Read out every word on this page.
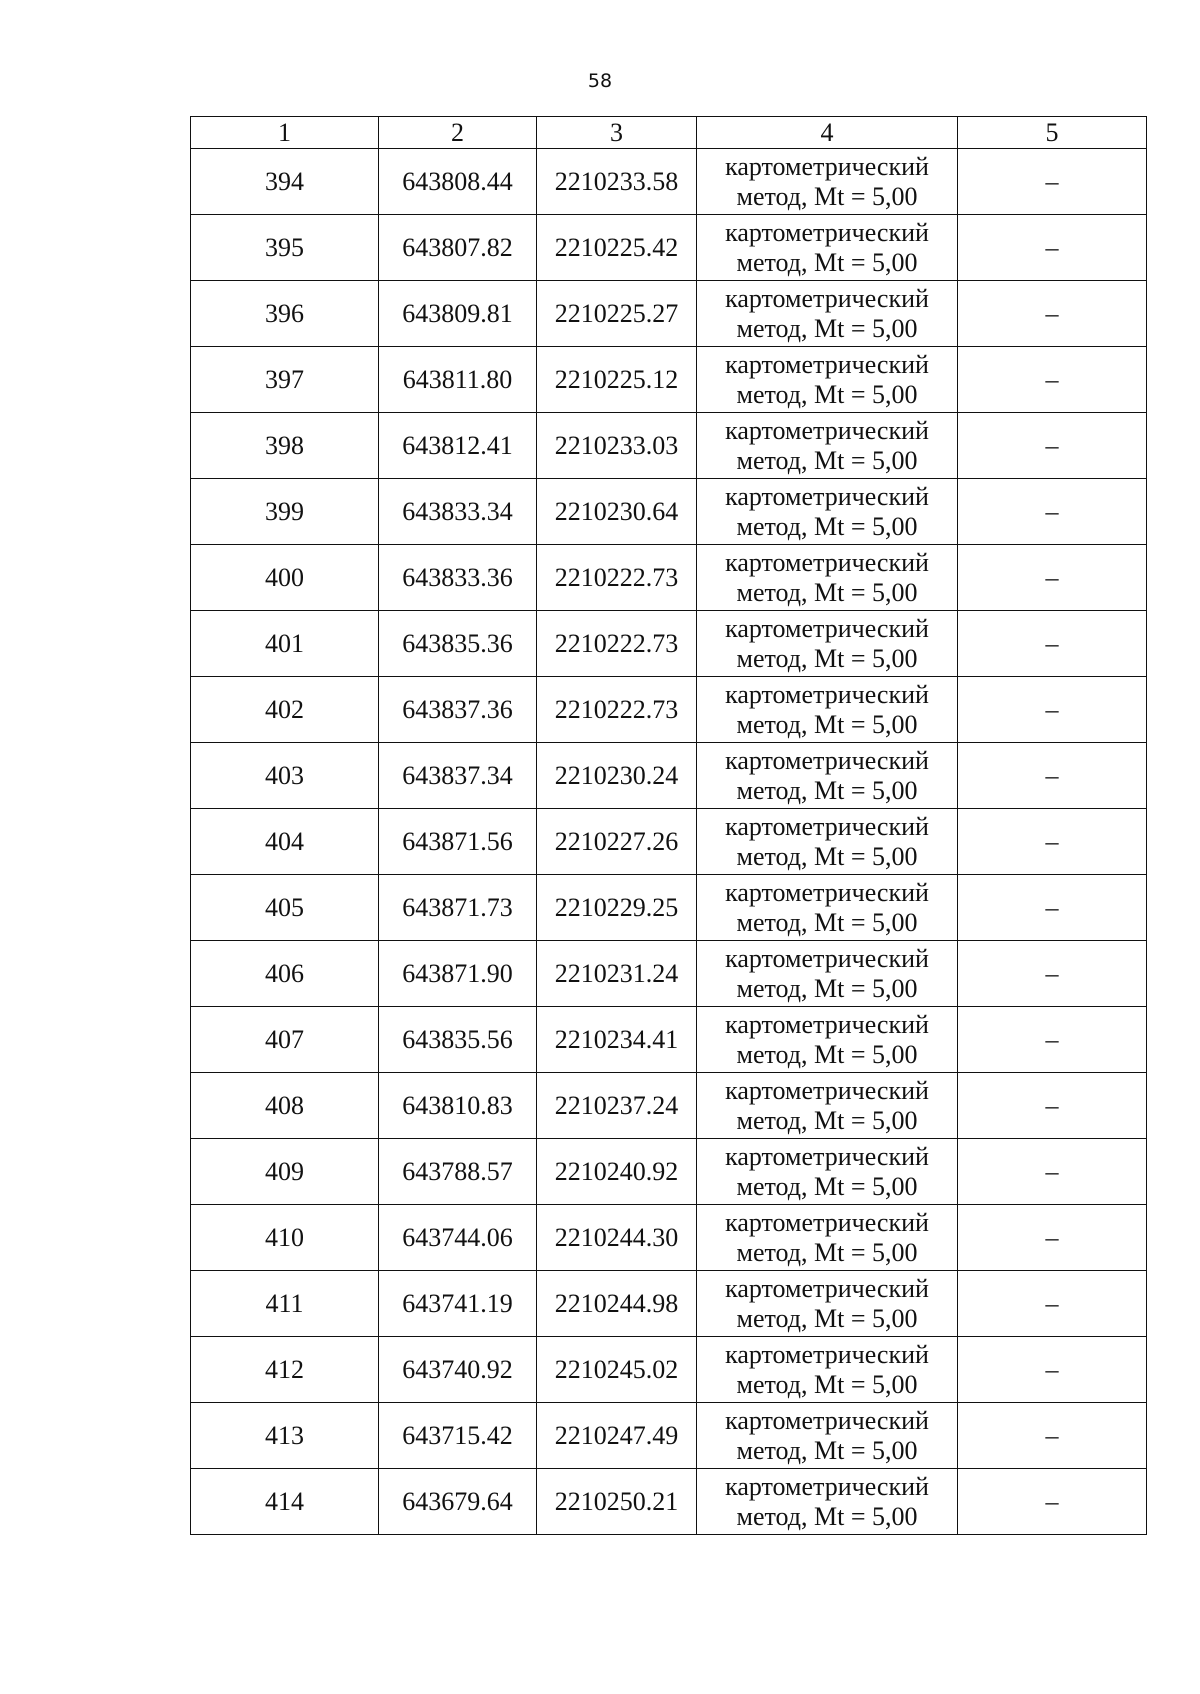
58
1	2	3	4	5
394	643808.44	2210233.58	картометрический
метод, Mt = 5,00	–
395	643807.82	2210225.42	картометрический
метод, Mt = 5,00	–
396	643809.81	2210225.27	картометрический
метод, Mt = 5,00	–
397	643811.80	2210225.12	картометрический
метод, Mt = 5,00	–
398	643812.41	2210233.03	картометрический
метод, Mt = 5,00	–
399	643833.34	2210230.64	картометрический
метод, Mt = 5,00	–
400	643833.36	2210222.73	картометрический
метод, Mt = 5,00	–
401	643835.36	2210222.73	картометрический
метод, Mt = 5,00	–
402	643837.36	2210222.73	картометрический
метод, Mt = 5,00	–
403	643837.34	2210230.24	картометрический
метод, Mt = 5,00	–
404	643871.56	2210227.26	картометрический
метод, Mt = 5,00	–
405	643871.73	2210229.25	картометрический
метод, Mt = 5,00	–
406	643871.90	2210231.24	картометрический
метод, Mt = 5,00	–
407	643835.56	2210234.41	картометрический
метод, Mt = 5,00	–
408	643810.83	2210237.24	картометрический
метод, Mt = 5,00	–
409	643788.57	2210240.92	картометрический
метод, Mt = 5,00	–
410	643744.06	2210244.30	картометрический
метод, Mt = 5,00	–
411	643741.19	2210244.98	картометрический
метод, Mt = 5,00	–
412	643740.92	2210245.02	картометрический
метод, Mt = 5,00	–
413	643715.42	2210247.49	картометрический
метод, Mt = 5,00	–
414	643679.64	2210250.21	картометрический
метод, Mt = 5,00	–
